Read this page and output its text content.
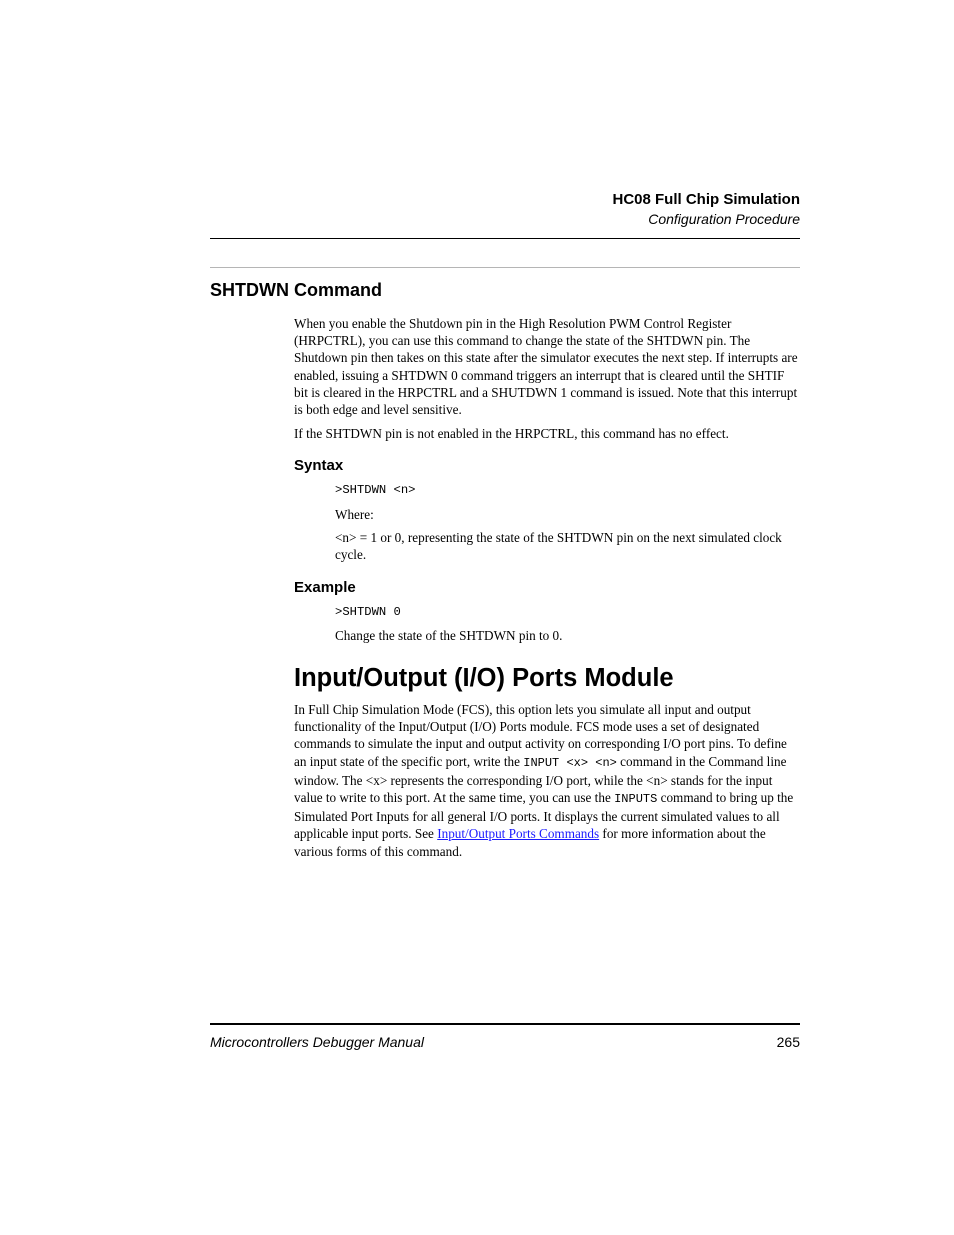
HC08 Full Chip Simulation
Configuration Procedure
SHTDWN Command

When you enable the Shutdown pin in the High Resolution PWM Control Register (HRPCTRL), you can use this command to change the state of the SHTDWN pin. The Shutdown pin then takes on this state after the simulator executes the next step. If interrupts are enabled, issuing a SHTDWN 0 command triggers an interrupt that is cleared until the SHTIF bit is cleared in the HRPCTRL and a SHUTDWN 1 command is issued. Note that this interrupt is both edge and level sensitive.

If the SHTDWN pin is not enabled in the HRPCTRL, this command has no effect.

Syntax
>SHTDWN <n>
Where:
<n> = 1 or 0, representing the state of the SHTDWN pin on the next simulated clock cycle.
Example
>SHTDWN 0
Change the state of the SHTDWN pin to 0.
Input/Output (I/O) Ports Module

In Full Chip Simulation Mode (FCS), this option lets you simulate all input and output functionality of the Input/Output (I/O) Ports module. FCS mode uses a set of designated commands to simulate the input and output activity on corresponding I/O port pins. To define an input state of the specific port, write the INPUT <x> <n> command in the Command line window. The <x> represents the corresponding I/O port, while the <n> stands for the input value to write to this port. At the same time, you can use the INPUTS command to bring up the Simulated Port Inputs for all general I/O ports. It displays the current simulated values to all applicable input ports. See Input/Output Ports Commands for more information about the various forms of this command.

Microcontrollers Debugger Manual	265
